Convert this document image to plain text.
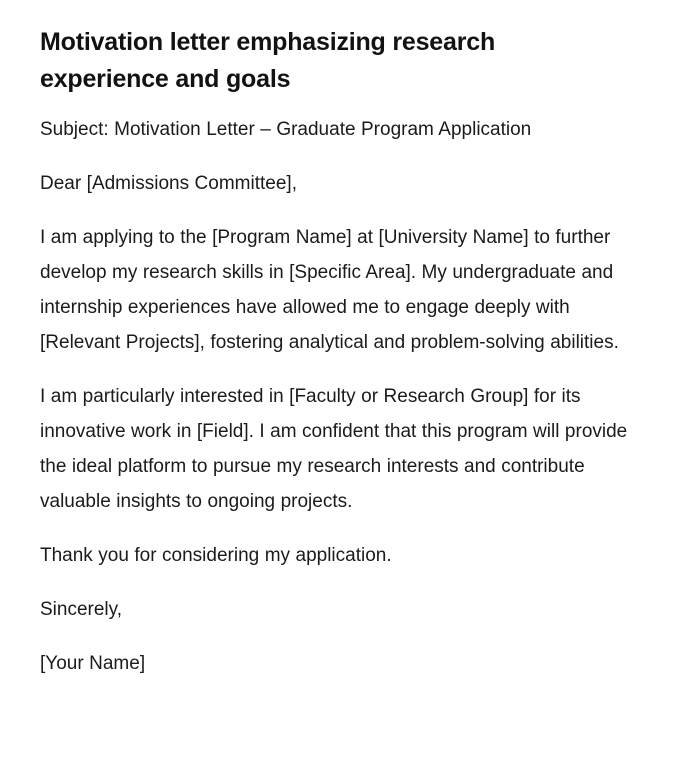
Motivation letter emphasizing research experience and goals

Subject: Motivation Letter – Graduate Program Application

Dear [Admissions Committee],

I am applying to the [Program Name] at [University Name] to further develop my research skills in [Specific Area]. My undergraduate and internship experiences have allowed me to engage deeply with [Relevant Projects], fostering analytical and problem-solving abilities.

I am particularly interested in [Faculty or Research Group] for its innovative work in [Field]. I am confident that this program will provide the ideal platform to pursue my research interests and contribute valuable insights to ongoing projects.

Thank you for considering my application.

Sincerely,

[Your Name]
